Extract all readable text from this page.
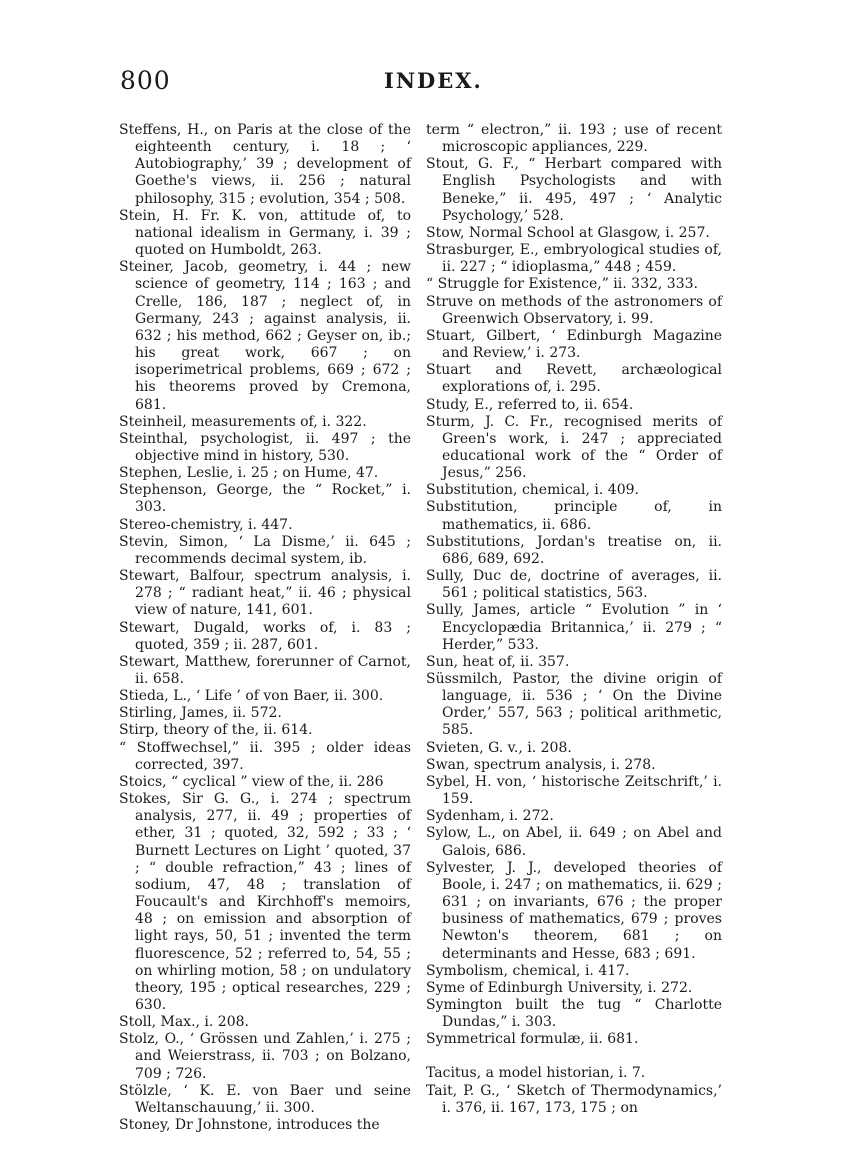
800	INDEX.

Steffens, H., on Paris at the close of the eighteenth century, i. 18 ; ‘ Autobiography,’ 39 ; development of Goethe's views, ii. 256 ; natural philosophy, 315 ; evolution, 354 ; 508.

Stein, H. Fr. K. von, attitude of, to national idealism in Germany, i. 39 ; quoted on Humboldt, 263.

Steiner, Jacob, geometry, i. 44 ; new science of geometry, 114 ; 163 ; and Crelle, 186, 187 ; neglect of, in Germany, 243 ; against analysis, ii. 632 ; his method, 662 ; Geyser on, ib.; his great work, 667 ; on isoperimetrical problems, 669 ; 672 ; his theorems proved by Cremona, 681.

Steinheil, measurements of, i. 322.

Steinthal, psychologist, ii. 497 ; the objective mind in history, 530.

Stephen, Leslie, i. 25 ; on Hume, 47.

Stephenson, George, the “ Rocket,” i. 303.

Stereo-chemistry, i. 447.

Stevin, Simon, ‘ La Disme,’ ii. 645 ; recommends decimal system, ib.

Stewart, Balfour, spectrum analysis, i. 278 ; “ radiant heat,” ii. 46 ; physical view of nature, 141, 601.

Stewart, Dugald, works of, i. 83 ; quoted, 359 ; ii. 287, 601.

Stewart, Matthew, forerunner of Carnot, ii. 658.

Stieda, L., ‘ Life ’ of von Baer, ii. 300.

Stirling, James, ii. 572.

Stirp, theory of the, ii. 614.

“ Stoffwechsel,” ii. 395 ; older ideas corrected, 397.

Stoics, “ cyclical ” view of the, ii. 286

Stokes, Sir G. G., i. 274 ; spectrum analysis, 277, ii. 49 ; properties of ether, 31 ; quoted, 32, 592 ; 33 ; ‘ Burnett Lectures on Light ’ quoted, 37 ; “ double refraction,” 43 ; lines of sodium, 47, 48 ; translation of Foucault's and Kirchhoff's memoirs, 48 ; on emission and absorption of light rays, 50, 51 ; invented the term fluorescence, 52 ; referred to, 54, 55 ; on whirling motion, 58 ; on undulatory theory, 195 ; optical researches, 229 ; 630.

Stoll, Max., i. 208.

Stolz, O., ‘ Grössen und Zahlen,’ i. 275 ; and Weierstrass, ii. 703 ; on Bolzano, 709 ; 726.

Stölzle, ‘ K. E. von Baer und seine Weltanschauung,’ ii. 300.

Stoney, Dr Johnstone, introduces the

term “ electron,” ii. 193 ; use of recent microscopic appliances, 229.

Stout, G. F., “ Herbart compared with English Psychologists and with Beneke,” ii. 495, 497 ; ‘ Analytic Psychology,’ 528.

Stow, Normal School at Glasgow, i. 257.

Strasburger, E., embryological studies of, ii. 227 ; “ idioplasma,” 448 ; 459.

“ Struggle for Existence,” ii. 332, 333.

Struve on methods of the astronomers of Greenwich Observatory, i. 99.

Stuart, Gilbert, ‘ Edinburgh Magazine and Review,’ i. 273.

Stuart and Revett, archæological explorations of, i. 295.

Study, E., referred to, ii. 654.

Sturm, J. C. Fr., recognised merits of Green's work, i. 247 ; appreciated educational work of the “ Order of Jesus,” 256.

Substitution, chemical, i. 409.

Substitution, principle of, in mathematics, ii. 686.

Substitutions, Jordan's treatise on, ii. 686, 689, 692.

Sully, Duc de, doctrine of averages, ii. 561 ; political statistics, 563.

Sully, James, article “ Evolution ” in ‘ Encyclopædia Britannica,’ ii. 279 ; “ Herder,” 533.

Sun, heat of, ii. 357.

Süssmilch, Pastor, the divine origin of language, ii. 536 ; ‘ On the Divine Order,’ 557, 563 ; political arithmetic, 585.

Svieten, G. v., i. 208.

Swan, spectrum analysis, i. 278.

Sybel, H. von, ‘ historische Zeitschrift,’ i. 159.

Sydenham, i. 272.

Sylow, L., on Abel, ii. 649 ; on Abel and Galois, 686.

Sylvester, J. J., developed theories of Boole, i. 247 ; on mathematics, ii. 629 ; 631 ; on invariants, 676 ; the proper business of mathematics, 679 ; proves Newton's theorem, 681 ; on determinants and Hesse, 683 ; 691.

Symbolism, chemical, i. 417.

Syme of Edinburgh University, i. 272.

Symington built the tug “ Charlotte Dundas,” i. 303.

Symmetrical formulæ, ii. 681.

Tacitus, a model historian, i. 7.

Tait, P. G., ‘ Sketch of Thermodynamics,’ i. 376, ii. 167, 173, 175 ; on
